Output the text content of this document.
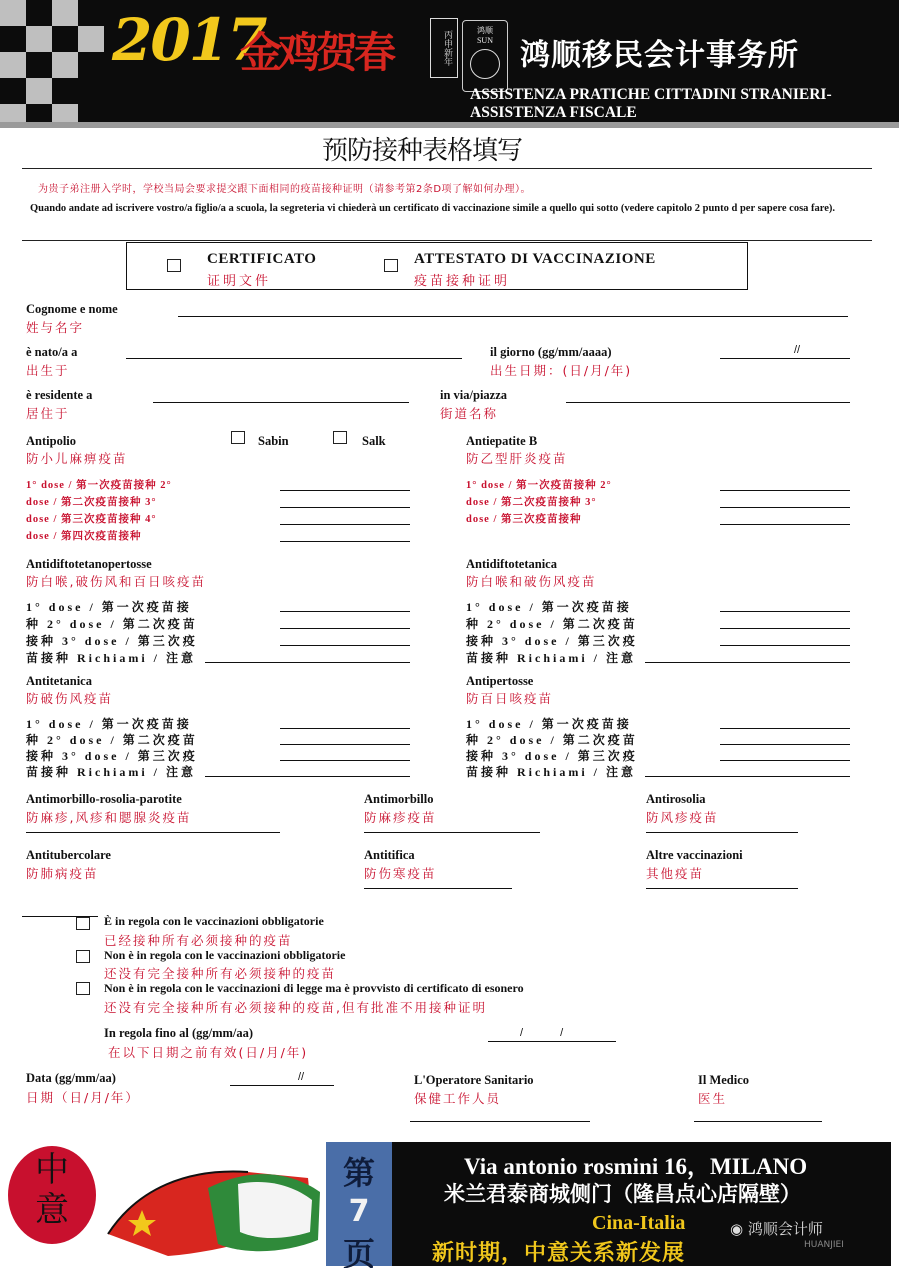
2017
金鸡贺春	丙申新年	鸿顺
SUN 鸿顺移民会计事务所
ASSISTENZA PRATICHE CITTADINI STRANIERI-ASSISTENZA FISCALE
预防接种表格填写
为贵子弟注册入学时，学校当局会要求提交跟下面相同的疫苗接种证明（请参考第2条D项了解如何办理）。
Quando andate ad iscrivere vostro/a figlio/a a scuola, la segreteria vi chiederà un certificato di vaccinazione simile a quello qui sotto (vedere capitolo 2 punto d per sapere cosa fare).
CERTIFICATO
证明文件
ATTESTATO DI VACCINAZIONE
疫苗接种证明
Cognome e nome
姓与名字
è nato/a a
出生于
il giorno (gg/mm/aaaa)
出生日期：(日/月/年)
//
è residente a
居住于
in via/piazza
街道名称
Antipolio
防小儿麻痹疫苗
Sabin	Salk
1° dose / 第一次疫苗接种 2°
dose / 第二次疫苗接种 3°
dose / 第三次疫苗接种 4°
dose / 第四次疫苗接种
Antiepatite B
防乙型肝炎疫苗
1° dose / 第一次疫苗接种 2°
dose / 第二次疫苗接种 3°
dose / 第三次疫苗接种
Antidiftotetanopertosse
防白喉,破伤风和百日咳疫苗
1° dose / 第一次疫苗接
种 2° dose / 第二次疫苗
接种 3° dose / 第三次疫
苗接种 Richiami / 注意
Antidiftotetanica
防白喉和破伤风疫苗
1° dose / 第一次疫苗接
种 2° dose / 第二次疫苗
接种 3° dose / 第三次疫
苗接种 Richiami / 注意
Antitetanica
防破伤风疫苗
1° dose / 第一次疫苗接
种 2° dose / 第二次疫苗
接种 3° dose / 第三次疫
苗接种 Richiami / 注意
Antipertosse
防百日咳疫苗
1° dose / 第一次疫苗接
种 2° dose / 第二次疫苗
接种 3° dose / 第三次疫
苗接种 Richiami / 注意
Antimorbillo-rosolia-parotite
防麻疹,风疹和腮腺炎疫苗
Antimorbillo
防麻疹疫苗
Antirosolia
防风疹疫苗
Antitubercolare
防肺病疫苗
Antitifica
防伤寒疫苗
Altre vaccinazioni
其他疫苗
È in regola con le vaccinazioni obbligatorie
已经接种所有必须接种的疫苗
Non è in regola con le vaccinazioni obbligatorie
还没有完全接种所有必须接种的疫苗
Non è in regola con le vaccinazioni di legge ma è provvisto di certificato di esonero
还没有完全接种所有必须接种的疫苗,但有批准不用接种证明
In regola fino al (gg/mm/aa)
在以下日期之前有效(日/月/年)
/ /
Data (gg/mm/aa)
日期（日/月/年）
//	L'Operatore Sanitario
保健工作人员
Il Medico
医生
中意
第
7
页
Via antonio rosmini 16，MILANO
米兰君泰商城侧门（隆昌点心店隔壁）
Cina-Italia
新时期，中意关系新发展
◉ 鸿顺会计师
HUANJIEI
